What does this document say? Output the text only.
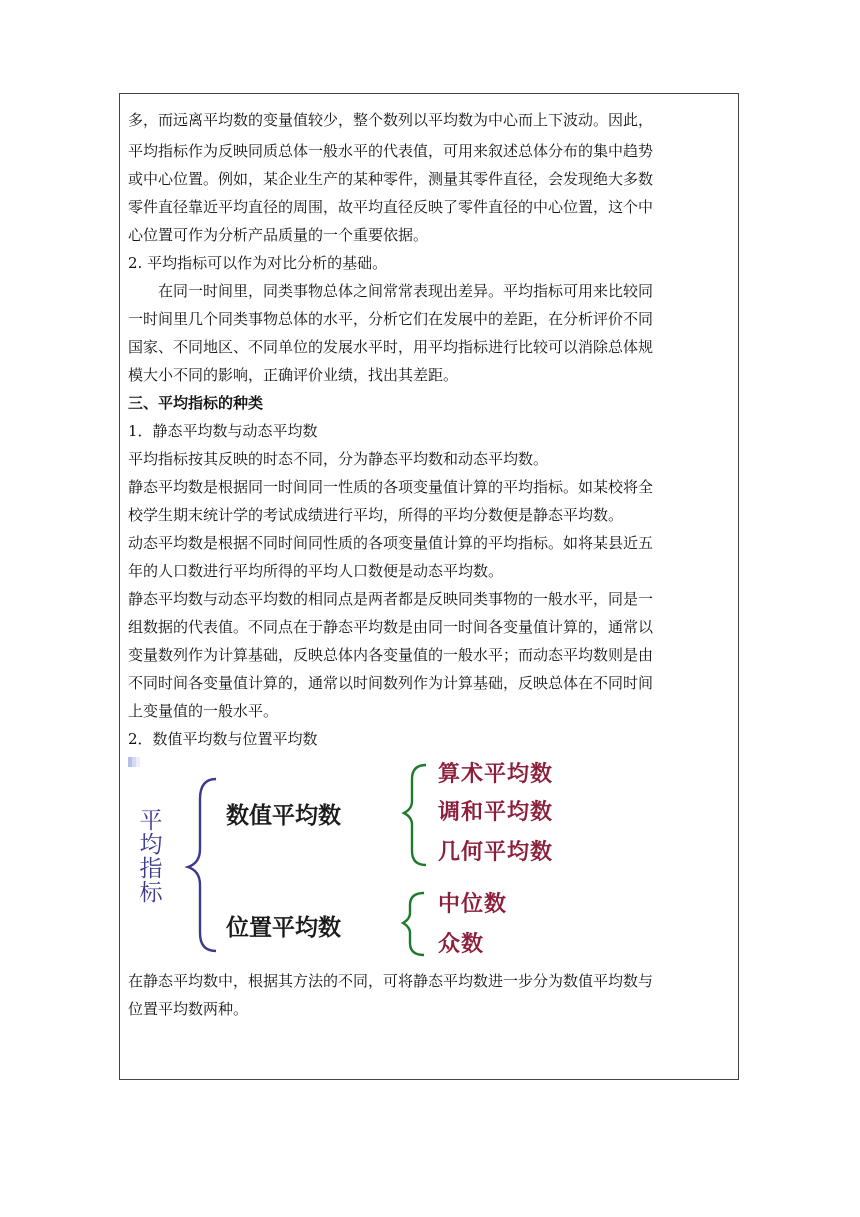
多，而远离平均数的变量值较少，整个数列以平均数为中心而上下波动。因此，
平均指标作为反映同质总体一般水平的代表值，可用来叙述总体分布的集中趋势
或中心位置。例如，某企业生产的某种零件，测量其零件直径，会发现绝大多数
零件直径靠近平均直径的周围，故平均直径反映了零件直径的中心位置，这个中
心位置可作为分析产品质量的一个重要依据。
2. 平均指标可以作为对比分析的基础。
在同一时间里，同类事物总体之间常常表现出差异。平均指标可用来比较同
一时间里几个同类事物总体的水平，分析它们在发展中的差距，在分析评价不同
国家、不同地区、不同单位的发展水平时，用平均指标进行比较可以消除总体规
模大小不同的影响，正确评价业绩，找出其差距。
三、平均指标的种类
1．静态平均数与动态平均数
平均指标按其反映的时态不同，分为静态平均数和动态平均数。
静态平均数是根据同一时间同一性质的各项变量值计算的平均指标。如某校将全
校学生期末统计学的考试成绩进行平均，所得的平均分数便是静态平均数。
动态平均数是根据不同时间同性质的各项变量值计算的平均指标。如将某县近五
年的人口数进行平均所得的平均人口数便是动态平均数。
静态平均数与动态平均数的相同点是两者都是反映同类事物的一般水平，同是一
组数据的代表值。不同点在于静态平均数是由同一时间各变量值计算的，通常以
变量数列作为计算基础，反映总体内各变量值的一般水平；而动态平均数则是由
不同时间各变量值计算的，通常以时间数列作为计算基础，反映总体在不同时间
上变量值的一般水平。
2．数值平均数与位置平均数
平
均
指
标
数值平均数
位置平均数
算术平均数
调和平均数
几何平均数
中位数
众数
在静态平均数中，根据其方法的不同，可将静态平均数进一步分为数值平均数与
位置平均数两种。
